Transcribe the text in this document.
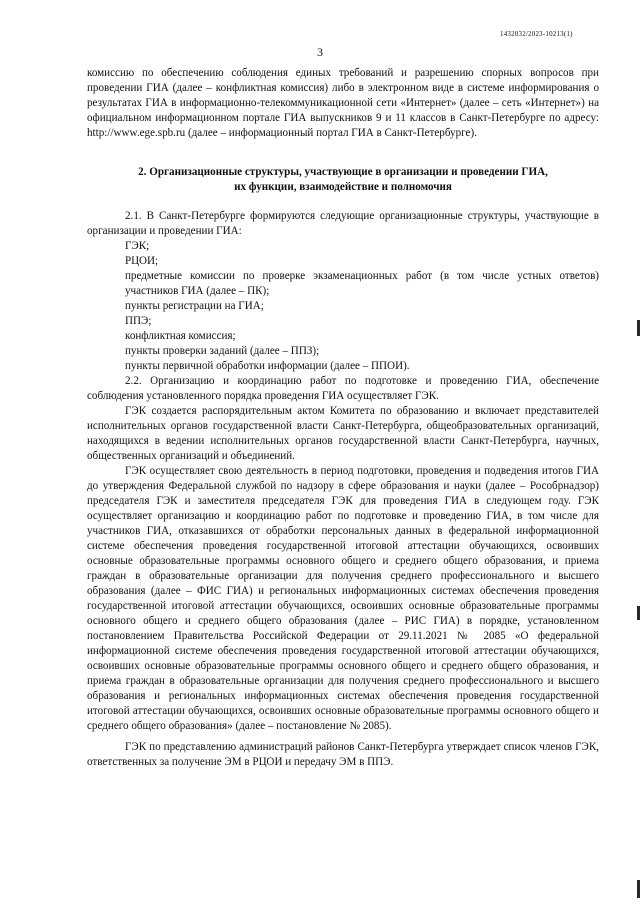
1432032/2023-10213(1)
3

комиссию по обеспечению соблюдения единых требований и разрешению спорных вопросов при проведении ГИА (далее – конфликтная комиссия) либо в электронном виде в системе информирования о результатах ГИА в информационно-телекоммуникационной сети «Интернет» (далее – сеть «Интернет») на официальном информационном портале ГИА выпускников 9 и 11 классов в Санкт-Петербурге по адресу: http://www.ege.spb.ru (далее – информационный портал ГИА в Санкт-Петербурге).

2. Организационные структуры, участвующие в организации и проведении ГИА,
их функции, взаимодействие и полномочия

2.1. В Санкт-Петербурге формируются следующие организационные структуры, участвующие в организации и проведении ГИА:

ГЭК;

РЦОИ;

предметные комиссии по проверке экзаменационных работ (в том числе устных ответов) участников ГИА (далее – ПК);

пункты регистрации на ГИА;

ППЭ;

конфликтная комиссия;

пункты проверки заданий (далее – ППЗ);

пункты первичной обработки информации (далее – ППОИ).

2.2. Организацию и координацию работ по подготовке и проведению ГИА, обеспечение соблюдения установленного порядка проведения ГИА осуществляет ГЭК.

ГЭК создается распорядительным актом Комитета по образованию и включает представителей исполнительных органов государственной власти Санкт-Петербурга, общеобразовательных организаций, находящихся в ведении исполнительных органов государственной власти Санкт-Петербурга, научных, общественных организаций и объединений.

ГЭК осуществляет свою деятельность в период подготовки, проведения и подведения итогов ГИА до утверждения Федеральной службой по надзору в сфере образования и науки (далее – Рособрнадзор) председателя ГЭК и заместителя председателя ГЭК для проведения ГИА в следующем году. ГЭК осуществляет организацию и координацию работ по подготовке и проведению ГИА, в том числе для участников ГИА, отказавшихся от обработки персональных данных в федеральной информационной системе обеспечения проведения государственной итоговой аттестации обучающихся, освоивших основные образовательные программы основного общего и среднего общего образования, и приема граждан в образовательные организации для получения среднего профессионального и высшего образования (далее – ФИС ГИА) и региональных информационных системах обеспечения проведения государственной итоговой аттестации обучающихся, освоивших основные образовательные программы основного общего и среднего общего образования (далее – РИС ГИА) в порядке, установленном постановлением Правительства Российской Федерации от 29.11.2021 № 2085 «О федеральной информационной системе обеспечения проведения государственной итоговой аттестации обучающихся, освоивших основные образовательные программы основного общего и среднего общего образования, и приема граждан в образовательные организации для получения среднего профессионального и высшего образования и региональных информационных системах обеспечения проведения государственной итоговой аттестации обучающихся, освоивших основные образовательные программы основного общего и среднего общего образования» (далее – постановление № 2085).

ГЭК по представлению администраций районов Санкт-Петербурга утверждает список членов ГЭК, ответственных за получение ЭМ в РЦОИ и передачу ЭМ в ППЭ.
